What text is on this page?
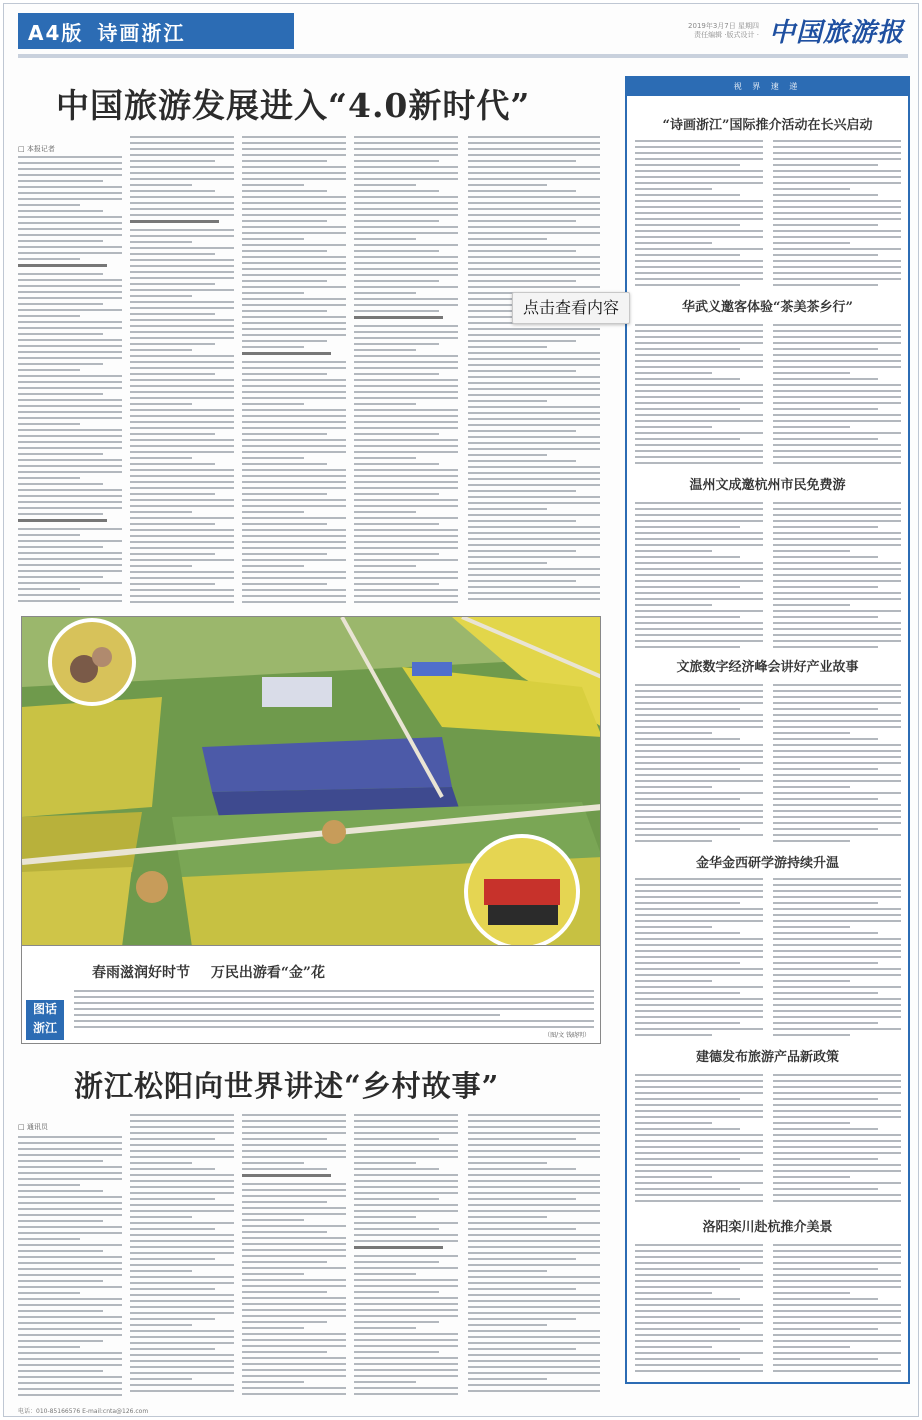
A4版 诗画浙江	2019年3月7日 星期四
责任编辑 ·版式设计 · 中国旅游报
中国旅游发展进入“4.0新时代”
□ 本报记者
春雨滋润好时节 万民出游看“金”花
图话
浙江
（图/文 钱晓明）
浙江松阳向世界讲述“乡村故事”
□ 通讯员
视 界 速 递
“诗画浙江”国际推介活动在长兴启动
华武义邀客体验“茶美茶乡行”
温州文成邀杭州市民免费游
文旅数字经济峰会讲好产业故事
金华金西研学游持续升温
建德发布旅游产品新政策
洛阳栾川赴杭推介美景
点击查看内容
电话：010-85166576 E-mail:cnta@126.com
